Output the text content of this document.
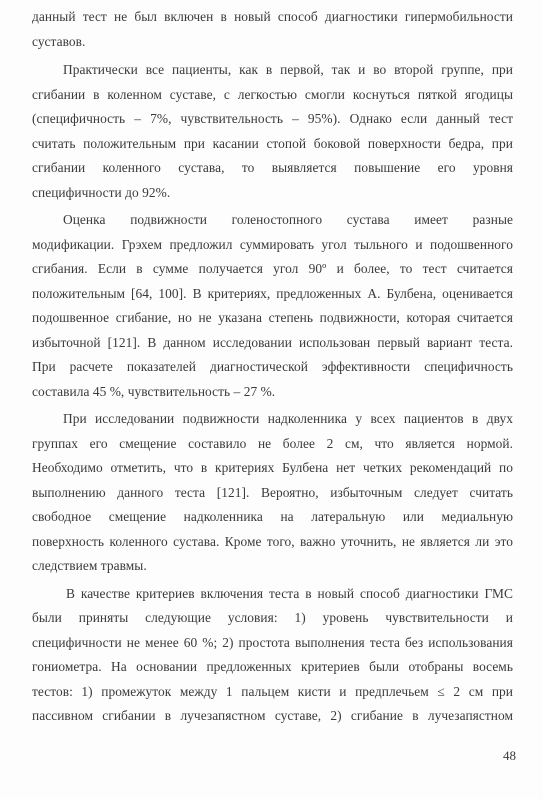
данный тест не был включен в новый способ диагностики гипермобильности
суставов.
Практически все пациенты, как в первой, так и во второй группе, при
сгибании в коленном суставе, с легкостью смогли коснуться пяткой ягодицы
(специфичность – 7%, чувствительность – 95%). Однако если данный тест
считать положительным при касании стопой боковой поверхности бедра, при
сгибании коленного сустава, то выявляется повышение его уровня
специфичности до 92%.
Оценка подвижности голеностопного сустава имеет разные
модификации. Грэхем предложил суммировать угол тыльного и подошвенного
сгибания. Если в сумме получается угол 90º и более, то тест считается
положительным [64, 100]. В критериях, предложенных А. Булбена, оценивается
подошвенное сгибание, но не указана степень подвижности, которая считается
избыточной [121]. В данном исследовании использован первый вариант теста.
При расчете показателей диагностической эффективности специфичность
составила 45 %, чувствительность – 27 %.
При исследовании подвижности надколенника у всех пациентов в двух
группах его смещение составило не более 2 см, что является нормой.
Необходимо отметить, что в критериях Булбена нет четких рекомендаций по
выполнению данного теста [121]. Вероятно, избыточным следует считать
свободное смещение надколенника на латеральную или медиальную
поверхность коленного сустава. Кроме того, важно уточнить, не является ли это
следствием травмы.
В качестве критериев включения теста в новый способ диагностики ГМС
были приняты следующие условия: 1) уровень чувствительности и
специфичности не менее 60 %; 2) простота выполнения теста без использования
гониометра. На основании предложенных критериев были отобраны восемь
тестов: 1) промежуток между 1 пальцем кисти и предплечьем ≤ 2 см при
пассивном сгибании в лучезапястном суставе, 2) сгибание в лучезапястном
48
